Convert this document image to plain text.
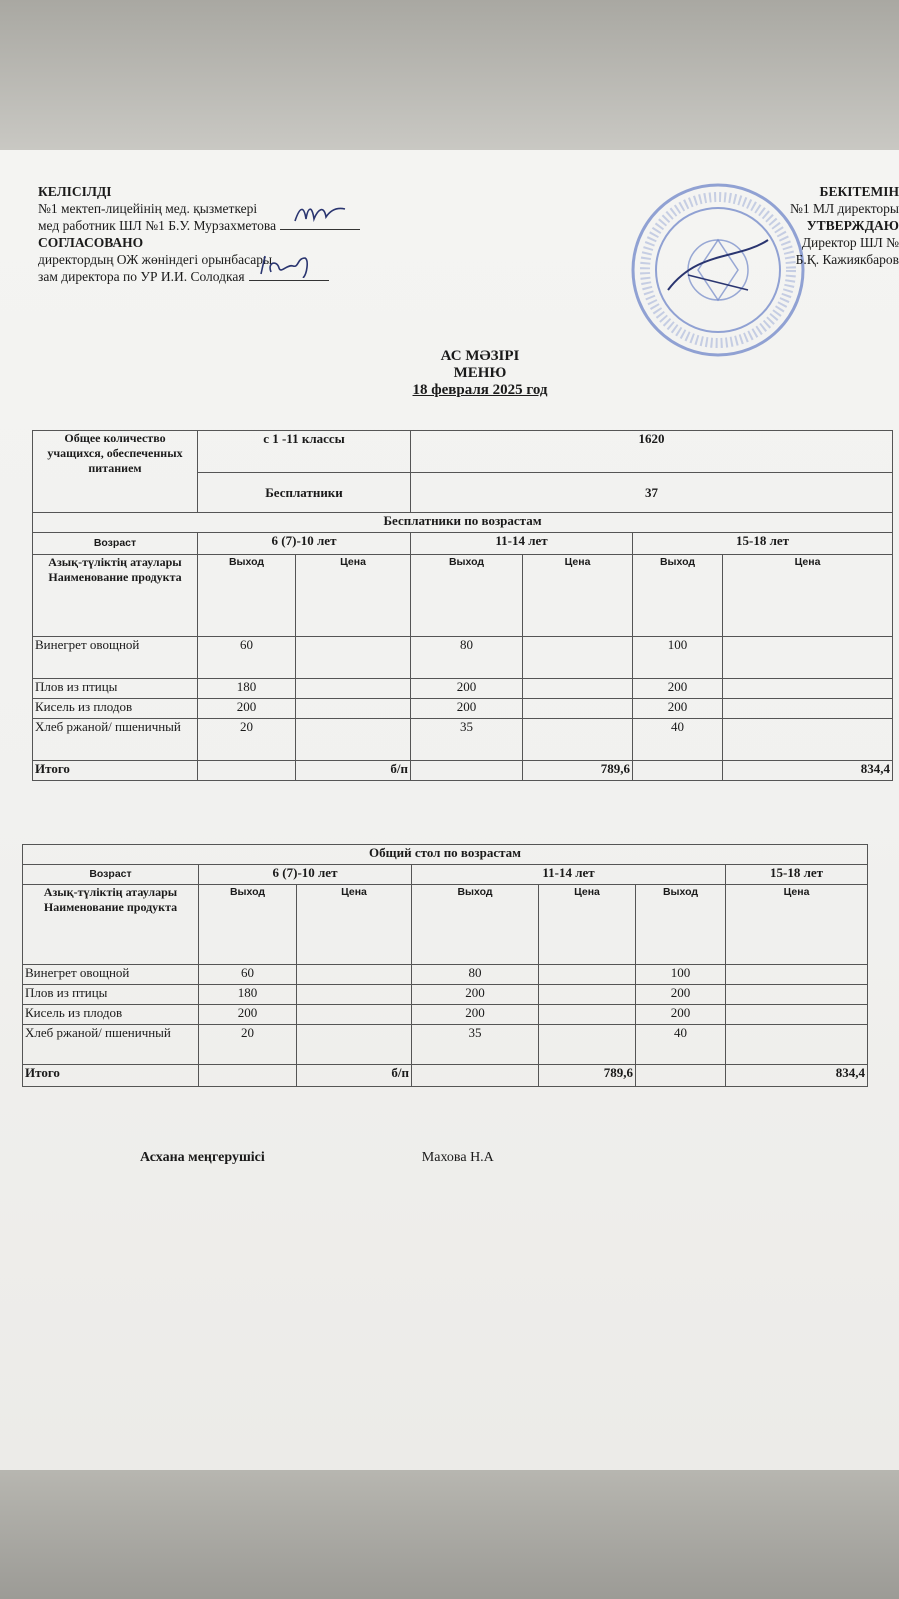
КЕЛІСІЛДІ
№1 мектеп-лицейінің мед. қызметкері
мед работник ШЛ №1 Б.У. Мурзахметова
СОГЛАСОВАНО
директордың ОЖ жөніндегі орынбасары
зам директора по УР И.И. Солодкая
БЕКІТЕМІН
№1 МЛ директоры
УТВЕРЖДАЮ
Директор ШЛ №
Б.Қ. Кажиякбаров
АС МӘЗІРІ
МЕНЮ
18 февраля 2025 год
Общее количество учащихся, обеспеченных питанием	с 1 -11 классы		1620			
	Бесплатники		37			
Бесплатники по возрастам						
Возраст	6 (7)-10 лет		11-14 лет		15-18 лет	
Азық-түліктің атаулары Наименование продукта	Выход	Цена	Выход	Цена	Выход	Цена
Винегрет овощной	60		80		100	
Плов из птицы	180		200		200	
Кисель из плодов	200		200		200	
Хлеб ржаной/ пшеничный	20		35		40	
Итого		б/п		789,6		834,4
Общий стол по возрастам						
Возраст	6 (7)-10 лет		11-14 лет			15-18 лет
Азық-түліктің атаулары Наименование продукта	Выход	Цена	Выход	Цена	Выход	Цена
Винегрет овощной	60		80		100	
Плов из птицы	180		200		200	
Кисель из плодов	200		200		200	
Хлеб ржаной/ пшеничный	20		35		40	
Итого		б/п		789,6		834,4
Асхана меңгерушісі	Махова Н.А
